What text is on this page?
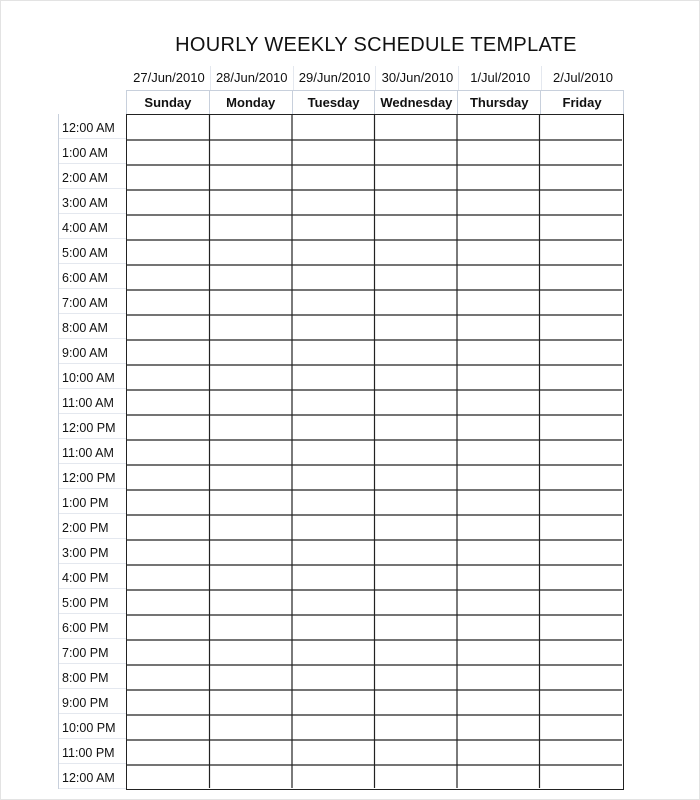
HOURLY WEEKLY SCHEDULE TEMPLATE
27/Jun/2010 28/Jun/2010 29/Jun/2010 30/Jun/2010	1/Jul/2010	2/Jul/2010
Sunday	Monday	Tuesday	Wednesday	Thursday	Friday
12:00 AM
1:00 AM
2:00 AM
3:00 AM
4:00 AM
5:00 AM
6:00 AM
7:00 AM
8:00 AM
9:00 AM
10:00 AM
11:00 AM
12:00 PM
11:00 AM
12:00 PM
1:00 PM
2:00 PM
3:00 PM
4:00 PM
5:00 PM
6:00 PM
7:00 PM
8:00 PM
9:00 PM
10:00 PM
11:00 PM
12:00 AM
